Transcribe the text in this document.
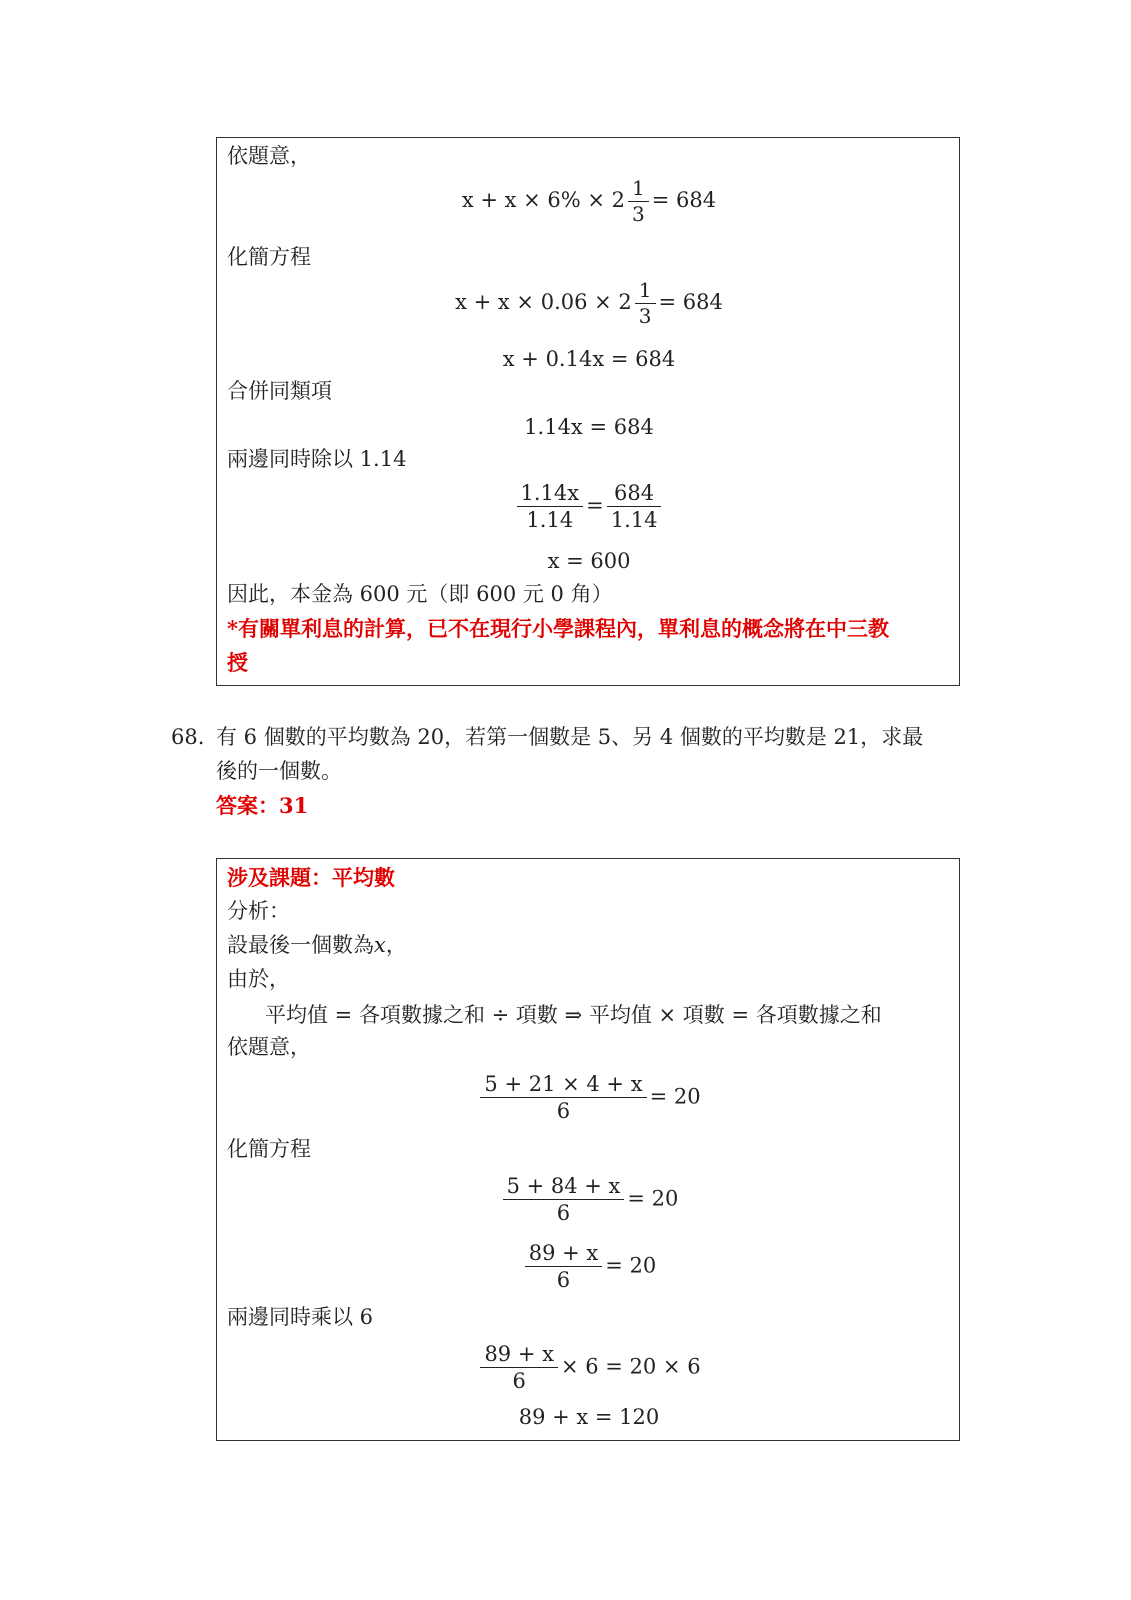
依題意，
$x + x \times 6\% \times 2 \frac{1}{3} = 684$
化簡方程
$x + x \times 0.06 \times 2 \frac{1}{3} = 684$
x + 0.14x = 684
合併同類項
1.14x = 684
兩邊同時除以 1.14
$\frac{1.14x}{1.14} = \frac{684}{1.14}$
x = 600
因此，本金為 600 元（即 600 元 0 角）
*有關單利息的計算，已不在現行小學課程內，單利息的概念將在中三教
授
68. 有 6 個數的平均數為 20，若第一個數是 5、另 4 個數的平均數是 21，求最
後的一個數。
答案：31
涉及課題：平均數
分析：
設最後一個數為x，
由於，
平均值 = 各項數據之和 ÷ 項數 ⇒ 平均值 × 項數 = 各項數據之和
依題意，
$\frac{5 + 21 \times 4 + x}{6} = 20$
化簡方程
$\frac{5 + 84 + x}{6} = 20$
$\frac{89 + x}{6} = 20$
兩邊同時乘以 6
$\frac{89 + x}{6} \times 6 = 20 \times 6$
89 + x = 120
